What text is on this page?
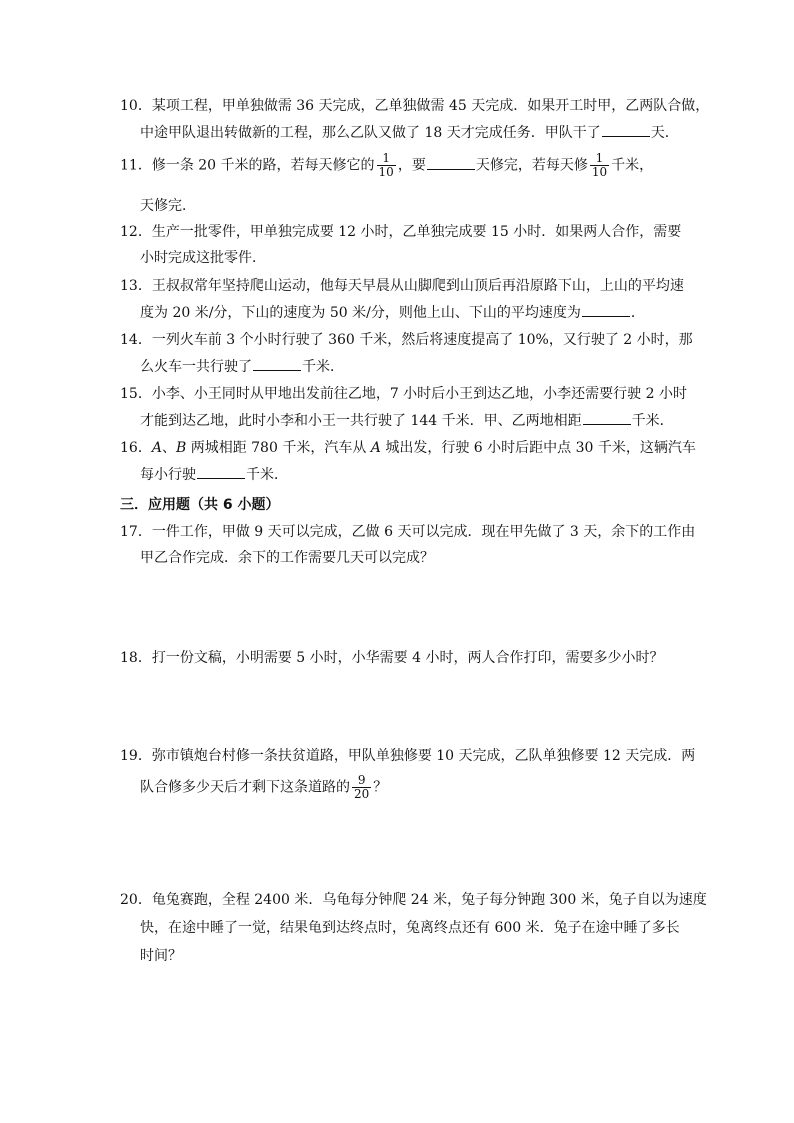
10．某项工程，甲单独做需 36 天完成，乙单独做需 45 天完成．如果开工时甲，乙两队合做，
中途甲队退出转做新的工程，那么乙队又做了 18 天才完成任务．甲队干了	天．
11．修一条 20 千米的路，若每天修它的 $\frac{1}{10}$ ，要	天修完，若每天修 $\frac{1}{10}$ 千米，
天修完．
12．生产一批零件，甲单独完成要 12 小时，乙单独完成要 15 小时．如果两人合作，需要
小时完成这批零件．
13．王叔叔常年坚持爬山运动，他每天早晨从山脚爬到山顶后再沿原路下山，上山的平均速
度为 20 米/分，下山的速度为 50 米/分，则他上山、下山的平均速度为	．
14．一列火车前 3 个小时行驶了 360 千米，然后将速度提高了 10%，又行驶了 2 小时，那
么火车一共行驶了	千米．
15．小李、小王同时从甲地出发前往乙地，7 小时后小王到达乙地，小李还需要行驶 2 小时
才能到达乙地，此时小李和小王一共行驶了 144 千米．甲、乙两地相距	千米．
16．A、B 两城相距 780 千米，汽车从 A 城出发，行驶 6 小时后距中点 30 千米，这辆汽车
每小行驶	千米．
三．应用题（共 6 小题）
17．一件工作，甲做 9 天可以完成，乙做 6 天可以完成．现在甲先做了 3 天，余下的工作由
甲乙合作完成．余下的工作需要几天可以完成？
18．打一份文稿，小明需要 5 小时，小华需要 4 小时，两人合作打印，需要多少小时？
19．弥市镇炮台村修一条扶贫道路，甲队单独修要 10 天完成，乙队单独修要 12 天完成．两
队合修多少天后才剩下这条道路的 $\frac{9}{20}$ ？
20．龟兔赛跑，全程 2400 米．乌龟每分钟爬 24 米，兔子每分钟跑 300 米，兔子自以为速度
快，在途中睡了一觉，结果龟到达终点时，兔离终点还有 600 米．兔子在途中睡了多长
时间？
